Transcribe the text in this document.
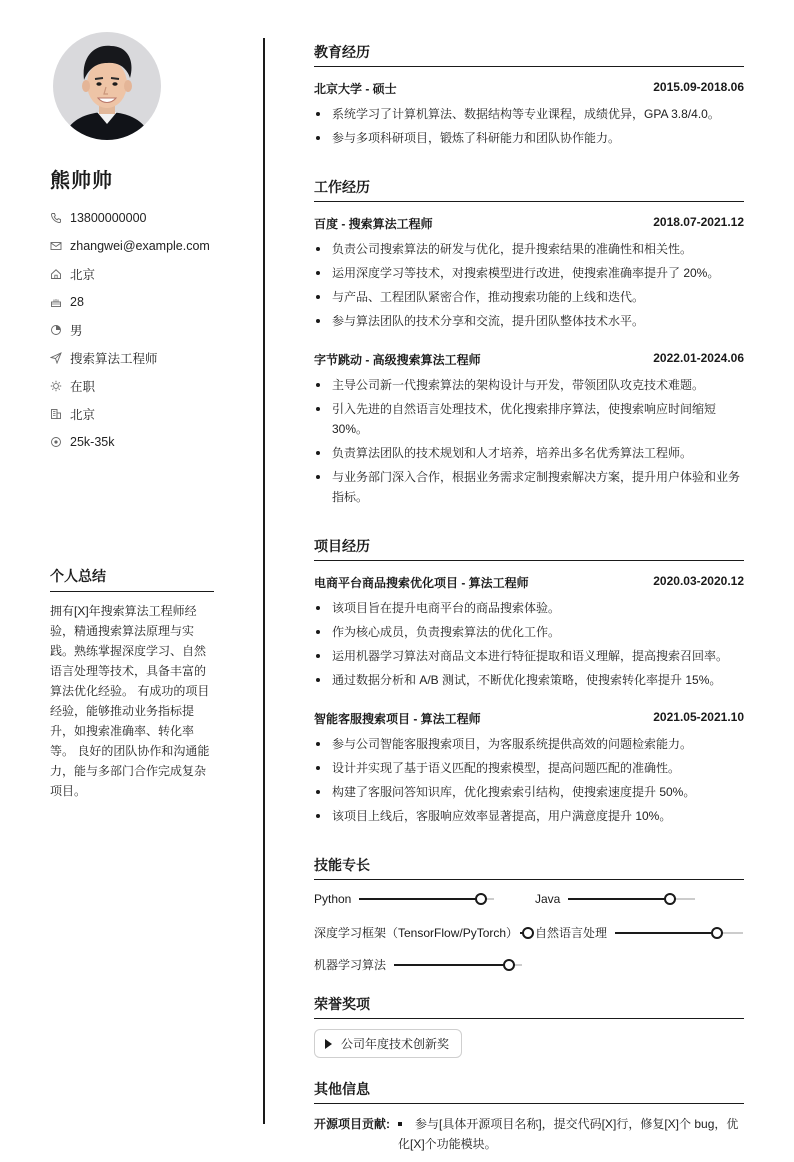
熊帅帅
13800000000
zhangwei@example.com
北京
28
男
搜索算法工程师
在职
北京
25k-35k
个人总结
拥有[X]年搜索算法工程师经验，精通搜索算法原理与实践。熟练掌握深度学习、自然语言处理等技术，具备丰富的算法优化经验。 有成功的项目经验，能够推动业务指标提升，如搜索准确率、转化率等。 良好的团队协作和沟通能力，能与多部门合作完成复杂项目。
教育经历
北京大学 - 硕士	2015.09-2018.06
系统学习了计算机算法、数据结构等专业课程，成绩优异，GPA 3.8/4.0。
参与多项科研项目，锻炼了科研能力和团队协作能力。
工作经历
百度 - 搜索算法工程师	2018.07-2021.12
负责公司搜索算法的研发与优化，提升搜索结果的准确性和相关性。
运用深度学习等技术，对搜索模型进行改进，使搜索准确率提升了 20%。
与产品、工程团队紧密合作，推动搜索功能的上线和迭代。
参与算法团队的技术分享和交流，提升团队整体技术水平。
字节跳动 - 高级搜索算法工程师	2022.01-2024.06
主导公司新一代搜索算法的架构设计与开发，带领团队攻克技术难题。
引入先进的自然语言处理技术，优化搜索排序算法，使搜索响应时间缩短 30%。
负责算法团队的技术规划和人才培养，培养出多名优秀算法工程师。
与业务部门深入合作，根据业务需求定制搜索解决方案，提升用户体验和业务指标。
项目经历
电商平台商品搜索优化项目 - 算法工程师	2020.03-2020.12
该项目旨在提升电商平台的商品搜索体验。
作为核心成员，负责搜索算法的优化工作。
运用机器学习算法对商品文本进行特征提取和语义理解，提高搜索召回率。
通过数据分析和 A/B 测试，不断优化搜索策略，使搜索转化率提升 15%。
智能客服搜索项目 - 算法工程师	2021.05-2021.10
参与公司智能客服搜索项目，为客服系统提供高效的问题检索能力。
设计并实现了基于语义匹配的搜索模型，提高问题匹配的准确性。
构建了客服问答知识库，优化搜索索引结构，使搜索速度提升 50%。
该项目上线后，客服响应效率显著提高，用户满意度提升 10%。
技能专长
Python	Java
深度学习框架（TensorFlow/PyTorch） 自然语言处理
机器学习算法
荣誉奖项
公司年度技术创新奖
其他信息
开源项目贡献:	参与[具体开源项目名称]，提交代码[X]行，修复[X]个 bug，优化[X]个功能模块。
